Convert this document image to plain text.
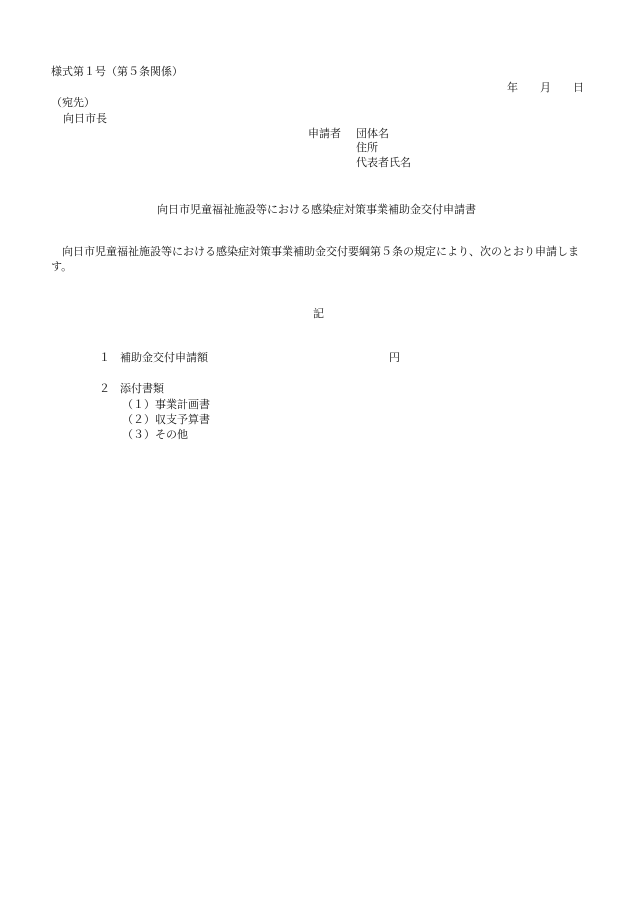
様式第１号（第５条関係）
年 月 日
（宛先）
向日市長
申請者 団体名
住所
代表者氏名
向日市児童福祉施設等における感染症対策事業補助金交付申請書
向日市児童福祉施設等における感染症対策事業補助金交付要綱第５条の規定により、次のとおり申請します。
記
１ 補助金交付申請額	円
２ 添付書類
（１）事業計画書
（２）収支予算書
（３）その他
